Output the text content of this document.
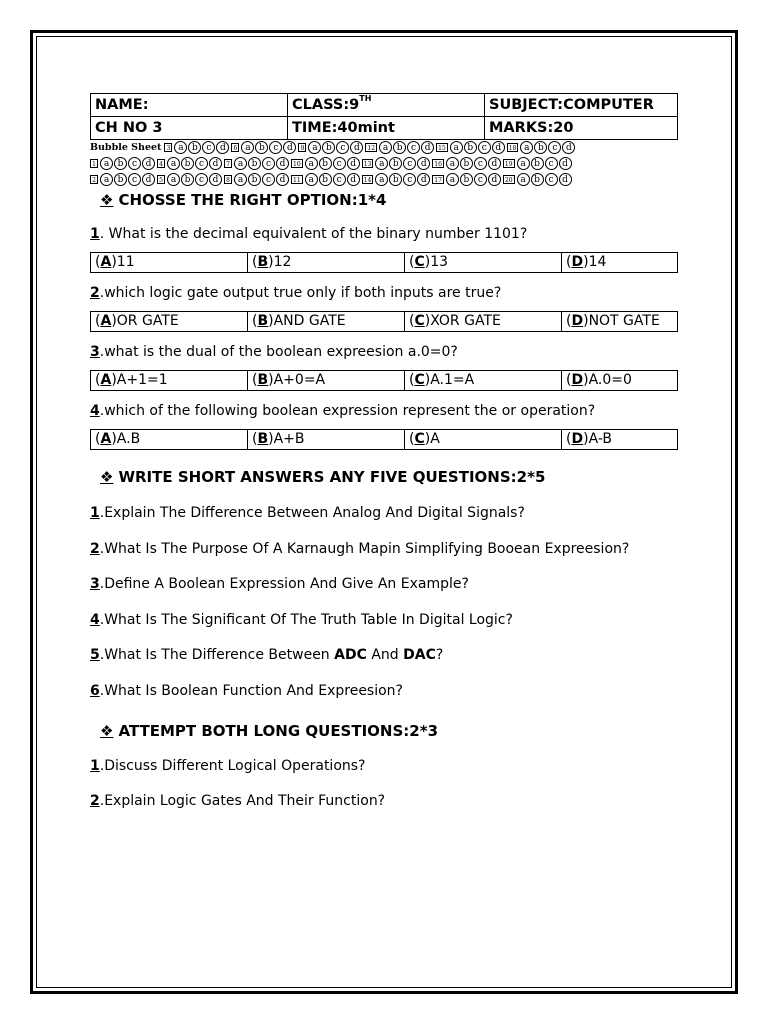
NAME:	CLASS:9TH	SUBJECT:COMPUTER
CH NO 3	TIME:40mint	MARKS:20
Bubble Sheet 3 a b c d	6 a b c d	9 a b c d	12 a b c d	15 a b c d	18 a b c d
1 a b c d	4 a b c d	7 a b c d	10 a b c d	13 a b c d	16 a b c d	19 a b c d
2 a b c d	5 a b c d	8 a b c d	11 a b c d	14 a b c d	17 a b c d	20 a b c d
❖ CHOSSE THE RIGHT OPTION:1*4
1. What is the decimal equivalent of the binary number 1101?
(A)11	(B)12	(C)13	(D)14
2.which logic gate output true only if both inputs are true?
(A)OR GATE	(B)AND GATE	(C)XOR GATE	(D)NOT GATE
3.what is the dual of the boolean expreesion a.0=0?
(A)A+1=1	(B)A+0=A	(C)A.1=A	(D)A.0=0
4.which of the following boolean expression represent the or operation?
(A)A.B	(B)A+B	(C)A	(D)A-B
❖ WRITE SHORT ANSWERS ANY FIVE QUESTIONS:2*5
1.Explain The Difference Between Analog And Digital Signals?
2.What Is The Purpose Of A Karnaugh Mapin Simplifying Booean Expreesion?
3.Define A Boolean Expression And Give An Example?
4.What Is The Significant Of The Truth Table In Digital Logic?
5.What Is The Difference Between ADC And DAC?
6.What Is Boolean Function And Expreesion?
❖ ATTEMPT BOTH LONG QUESTIONS:2*3
1.Discuss Different Logical Operations?
2.Explain Logic Gates And Their Function?
